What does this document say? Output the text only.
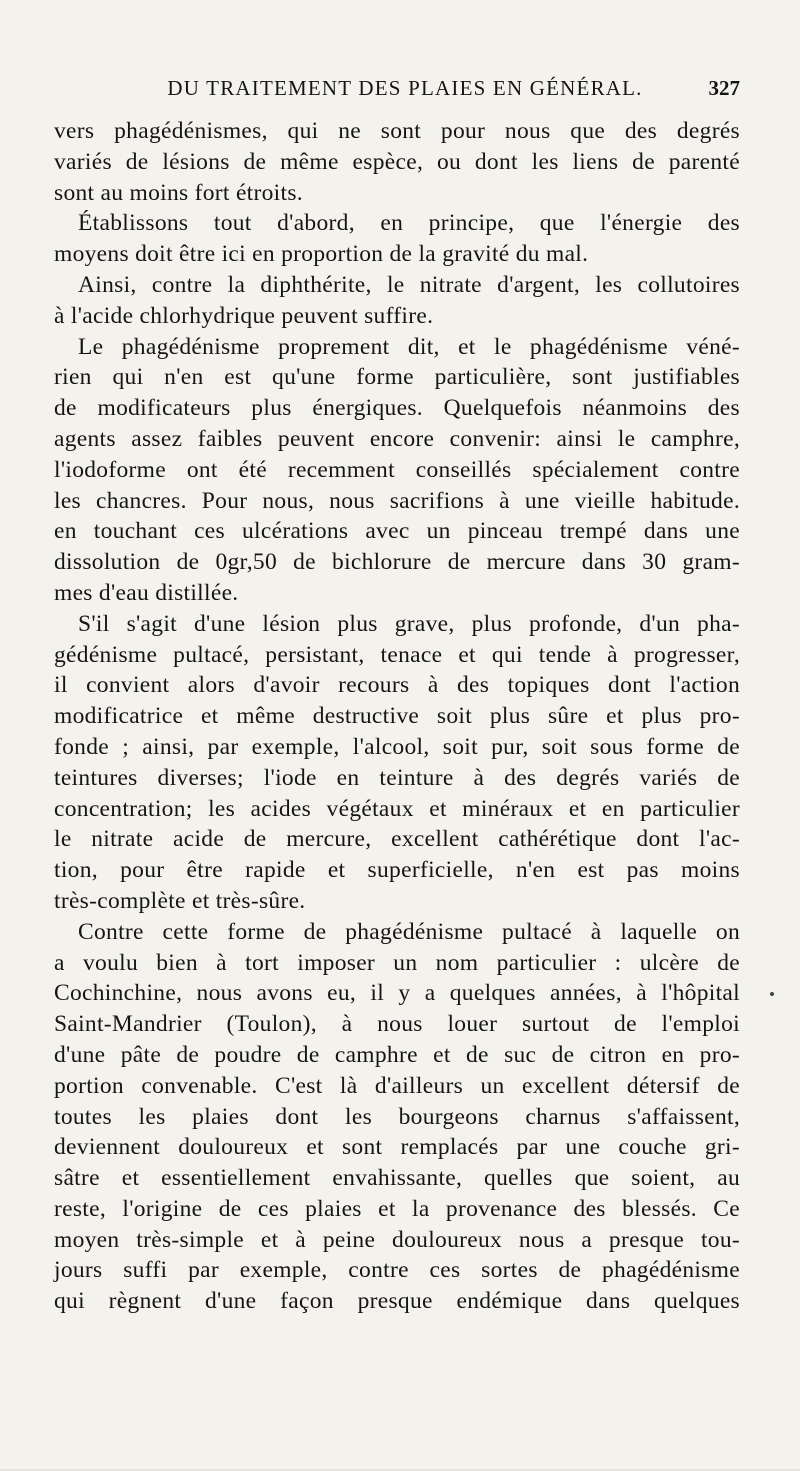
DU TRAITEMENT DES PLAIES EN GÉNÉRAL.	327
vers phagédénismes, qui ne sont pour nous que des degrés
variés de lésions de même espèce, ou dont les liens de parenté
sont au moins fort étroits.
Établissons tout d'abord, en principe, que l'énergie des
moyens doit être ici en proportion de la gravité du mal.
Ainsi, contre la diphthérite, le nitrate d'argent, les collutoires
à l'acide chlorhydrique peuvent suffire.
Le phagédénisme proprement dit, et le phagédénisme véné-
rien qui n'en est qu'une forme particulière, sont justifiables
de modificateurs plus énergiques. Quelquefois néanmoins des
agents assez faibles peuvent encore convenir: ainsi le camphre,
l'iodoforme ont été recemment conseillés spécialement contre
les chancres. Pour nous, nous sacrifions à une vieille habitude.
en touchant ces ulcérations avec un pinceau trempé dans une
dissolution de 0gr,50 de bichlorure de mercure dans 30 gram-
mes d'eau distillée.
S'il s'agit d'une lésion plus grave, plus profonde, d'un pha-
gédénisme pultacé, persistant, tenace et qui tende à progresser,
il convient alors d'avoir recours à des topiques dont l'action
modificatrice et même destructive soit plus sûre et plus pro-
fonde ; ainsi, par exemple, l'alcool, soit pur, soit sous forme de
teintures diverses; l'iode en teinture à des degrés variés de
concentration; les acides végétaux et minéraux et en particulier
le nitrate acide de mercure, excellent cathérétique dont l'ac-
tion, pour être rapide et superficielle, n'en est pas moins
très-complète et très-sûre.
Contre cette forme de phagédénisme pultacé à laquelle on
a voulu bien à tort imposer un nom particulier : ulcère de
Cochinchine, nous avons eu, il y a quelques années, à l'hôpital
Saint-Mandrier (Toulon), à nous louer surtout de l'emploi
d'une pâte de poudre de camphre et de suc de citron en pro-
portion convenable. C'est là d'ailleurs un excellent détersif de
toutes les plaies dont les bourgeons charnus s'affaissent,
deviennent douloureux et sont remplacés par une couche gri-
sâtre et essentiellement envahissante, quelles que soient, au
reste, l'origine de ces plaies et la provenance des blessés. Ce
moyen très-simple et à peine douloureux nous a presque tou-
jours suffi par exemple, contre ces sortes de phagédénisme
qui règnent d'une façon presque endémique dans quelques
